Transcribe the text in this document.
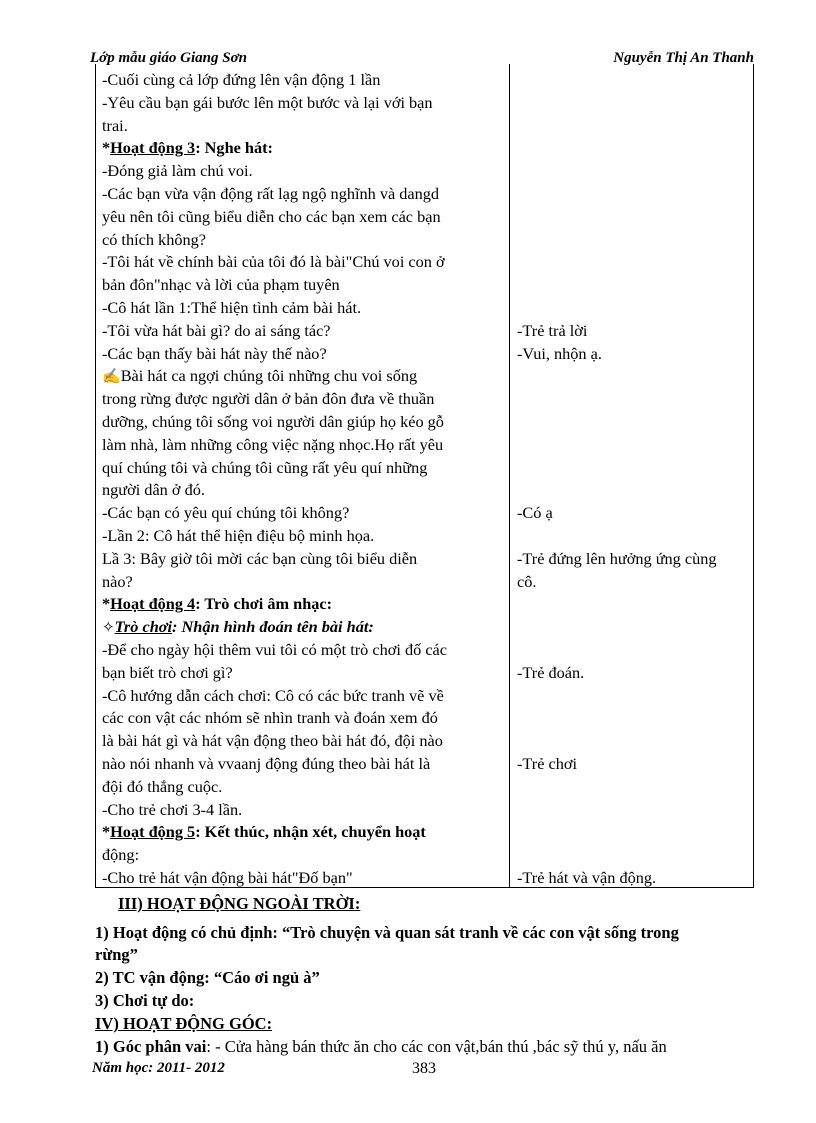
Lớp mẫu giáo Giang Sơn	Nguyễn Thị An Thanh
-Cuối cùng cả lớp đứng lên vận động 1 lần
-Yêu cầu bạn gái bước lên một bước và lại với bạn
trai.
*Hoạt động 3: Nghe hát:
-Đóng giả làm chú voi.
-Các bạn vừa vận động rất lạg ngộ nghĩnh và dangd
yêu nên tôi cũng biểu diễn cho các bạn xem các bạn
có thích không?
-Tôi hát về chính bài của tôi đó là bài"Chú voi con ở
bản đôn"nhạc và lời của phạm tuyên
-Cô hát lần 1:Thể hiện tình cảm bài hát.
-Tôi vừa hát bài gì? do ai sáng tác?
-Các bạn thấy bài hát này thế nào?
✍Bài hát ca ngợi chúng tôi những chu voi sống
trong rừng được người dân ở bản đôn đưa về thuần
dưỡng, chúng tôi sống voi người dân giúp họ kéo gỗ
làm nhà, làm những công việc nặng nhọc.Họ rất yêu
quí chúng tôi và chúng tôi cũng rất yêu quí những
người dân ở đó.
-Các bạn có yêu quí chúng tôi không?
-Lần 2: Cô hát thể hiện điệu bộ minh họa.
Lầ 3: Bây giờ tôi mời các bạn cùng tôi biểu diễn
nào?
*Hoạt động 4: Trò chơi âm nhạc:
✧Trò chơi: Nhận hình đoán tên bài hát:
-Để cho ngày hội thêm vui tôi có một trò chơi đố các
bạn biết trò chơi gì?
-Cô hướng dẫn cách chơi: Cô có các bức tranh vẽ về
các con vật các nhóm sẽ nhìn tranh và đoán xem đó
là bài hát gì và hát vận động theo bài hát đó, đội nào
nào nói nhanh và vvaanj động đúng theo bài hát là
đội đó thắng cuộc.
-Cho trẻ chơi 3-4 lần.
*Hoạt động 5: Kết thúc, nhận xét, chuyển hoạt
động:
-Cho trẻ hát vận động bài hát"Đố bạn"
-Trẻ trả lời
-Vui, nhộn ạ.
-Có ạ
-Trẻ đứng lên hưởng ứng cùng
cô.
-Trẻ đoán.
-Trẻ chơi
-Trẻ hát và vận động.
III) HOẠT ĐỘNG NGOÀI TRỜI:
1) Hoạt động có chủ định: “Trò chuyện và quan sát tranh về các con vật sống trong
rừng”
2) TC vận động: “Cáo ơi ngủ à”
3) Chơi tự do:
IV) HOẠT ĐỘNG GÓC:
1) Góc phân vai: - Cửa hàng bán thức ăn cho các con vật,bán thú ,bác sỹ thú y, nấu ăn
Năm học: 2011- 2012	383
